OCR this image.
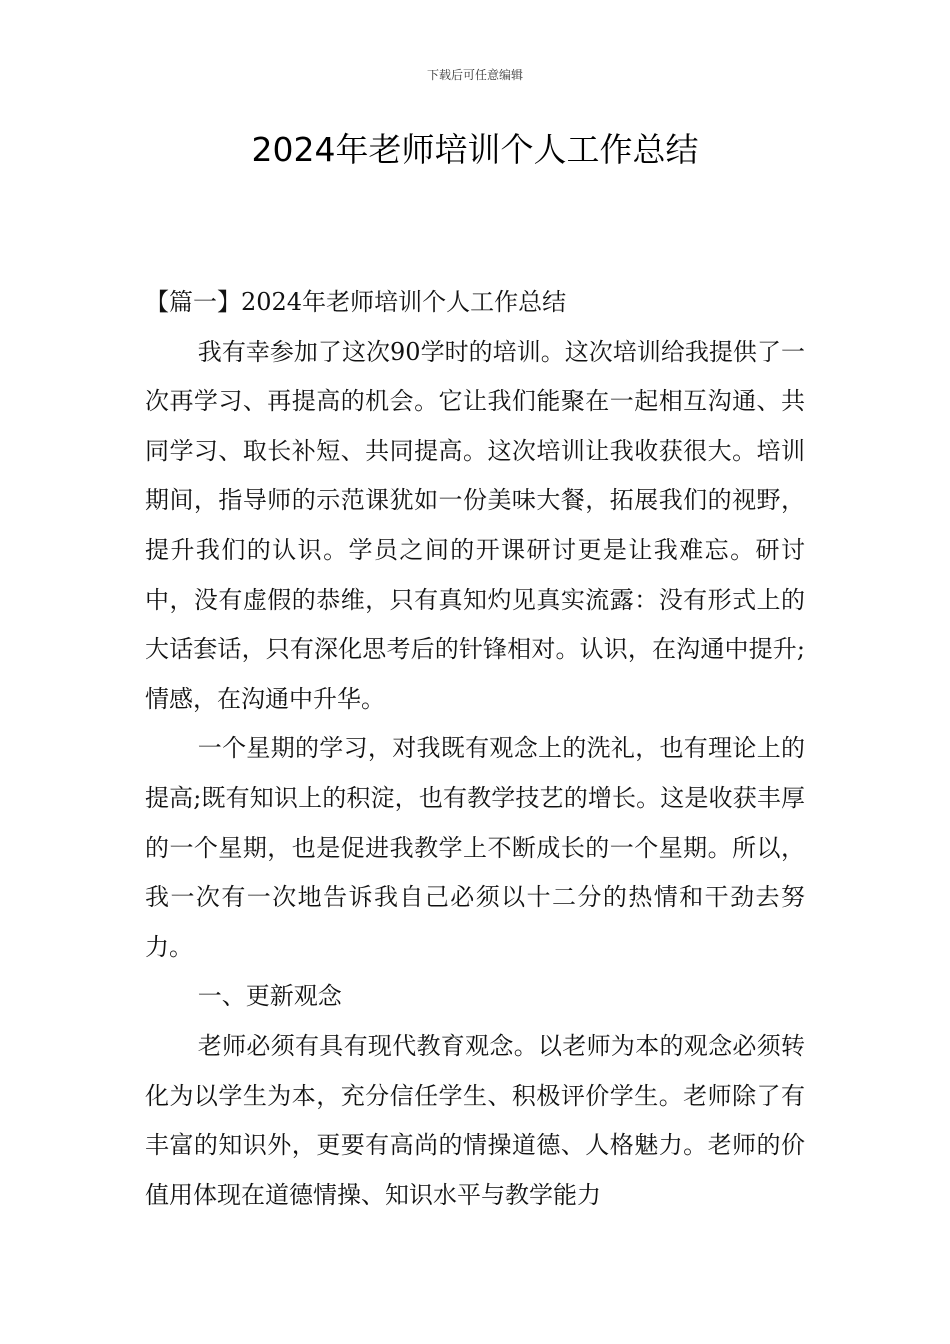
下载后可任意编辑
2024年老师培训个人工作总结

【篇一】2024年老师培训个人工作总结

我有幸参加了这次90学时的培训。这次培训给我提供了一次再学习、再提高的机会。它让我们能聚在一起相互沟通、共同学习、取长补短、共同提高。这次培训让我收获很大。培训期间，指导师的示范课犹如一份美味大餐，拓展我们的视野，提升我们的认识。学员之间的开课研讨更是让我难忘。研讨中，没有虚假的恭维，只有真知灼见真实流露：没有形式上的大话套话，只有深化思考后的针锋相对。认识，在沟通中提升;情感，在沟通中升华。

一个星期的学习，对我既有观念上的洗礼，也有理论上的提高;既有知识上的积淀，也有教学技艺的增长。这是收获丰厚的一个星期，也是促进我教学上不断成长的一个星期。所以，我一次有一次地告诉我自己必须以十二分的热情和干劲去努力。

一、更新观念

老师必须有具有现代教育观念。以老师为本的观念必须转化为以学生为本，充分信任学生、积极评价学生。老师除了有丰富的知识外，更要有高尚的情操道德、人格魅力。老师的价值用体现在道德情操、知识水平与教学能力
